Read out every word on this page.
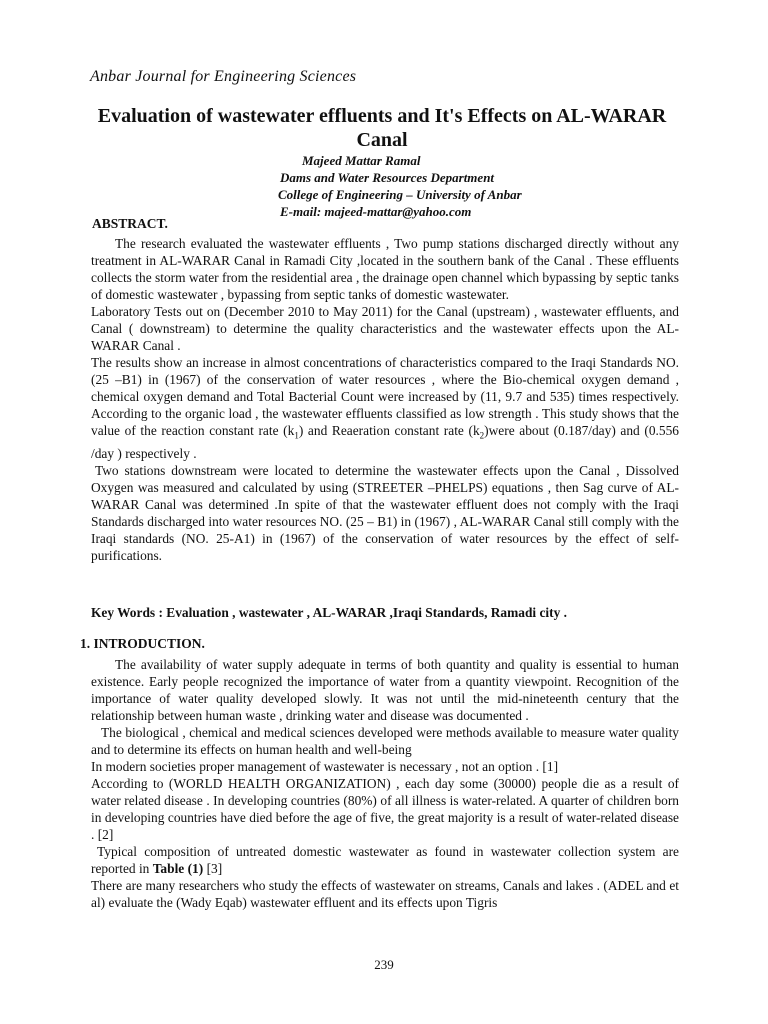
Anbar Journal for Engineering Sciences
Evaluation of wastewater effluents and It's Effects on AL-WARAR Canal
Majeed Mattar Ramal
Dams and Water Resources Department
College of Engineering – University of Anbar
E-mail: majeed-mattar@yahoo.com
ABSTRACT.

The research evaluated the wastewater effluents , Two pump stations discharged directly without any treatment in AL-WARAR Canal in Ramadi City ,located in the southern bank of the Canal . These effluents collects the storm water from the residential area , the drainage open channel which bypassing by septic tanks of domestic wastewater , bypassing from septic tanks of domestic wastewater.

Laboratory Tests out on (December 2010 to May 2011) for the Canal (upstream) , wastewater effluents, and Canal ( downstream) to determine the quality characteristics and the wastewater effects upon the AL-WARAR Canal .

The results show an increase in almost concentrations of characteristics compared to the Iraqi Standards NO. (25 –B1) in (1967) of the conservation of water resources , where the Bio-chemical oxygen demand , chemical oxygen demand and Total Bacterial Count were increased by (11, 9.7 and 535) times respectively. According to the organic load , the wastewater effluents classified as low strength . This study shows that the value of the reaction constant rate $(k_1)$ and Reaeration constant rate $(k_2)were$ about (0.187/day) and (0.556 /day ) respectively .

Two stations downstream were located to determine the wastewater effects upon the Canal , Dissolved Oxygen was measured and calculated by using (STREETER –PHELPS) equations , then Sag curve of AL-WARAR Canal was determined .In spite of that the wastewater effluent does not comply with the Iraqi Standards discharged into water resources NO. (25 – B1) in (1967) , AL-WARAR Canal still comply with the Iraqi standards (NO. 25-A1) in (1967) of the conservation of water resources by the effect of self-purifications.

Key Words : Evaluation , wastewater , AL-WARAR ,Iraqi Standards, Ramadi city .
1. INTRODUCTION.

The availability of water supply adequate in terms of both quantity and quality is essential to human existence. Early people recognized the importance of water from a quantity viewpoint. Recognition of the importance of water quality developed slowly. It was not until the mid-nineteenth century that the relationship between human waste , drinking water and disease was documented .

The biological , chemical and medical sciences developed were methods available to measure water quality and to determine its effects on human health and well-being

In modern societies proper management of wastewater is necessary , not an option . [1]

According to (WORLD HEALTH ORGANIZATION) , each day some (30000) people die as a result of water related disease . In developing countries (80%) of all illness is water-related. A quarter of children born in developing countries have died before the age of five, the great majority is a result of water-related disease . [2]

Typical composition of untreated domestic wastewater as found in wastewater collection system are reported in Table (1) [3]

There are many researchers who study the effects of wastewater on streams, Canals and lakes . (ADEL and et al) evaluate the (Wady Eqab) wastewater effluent and its effects upon Tigris

239
